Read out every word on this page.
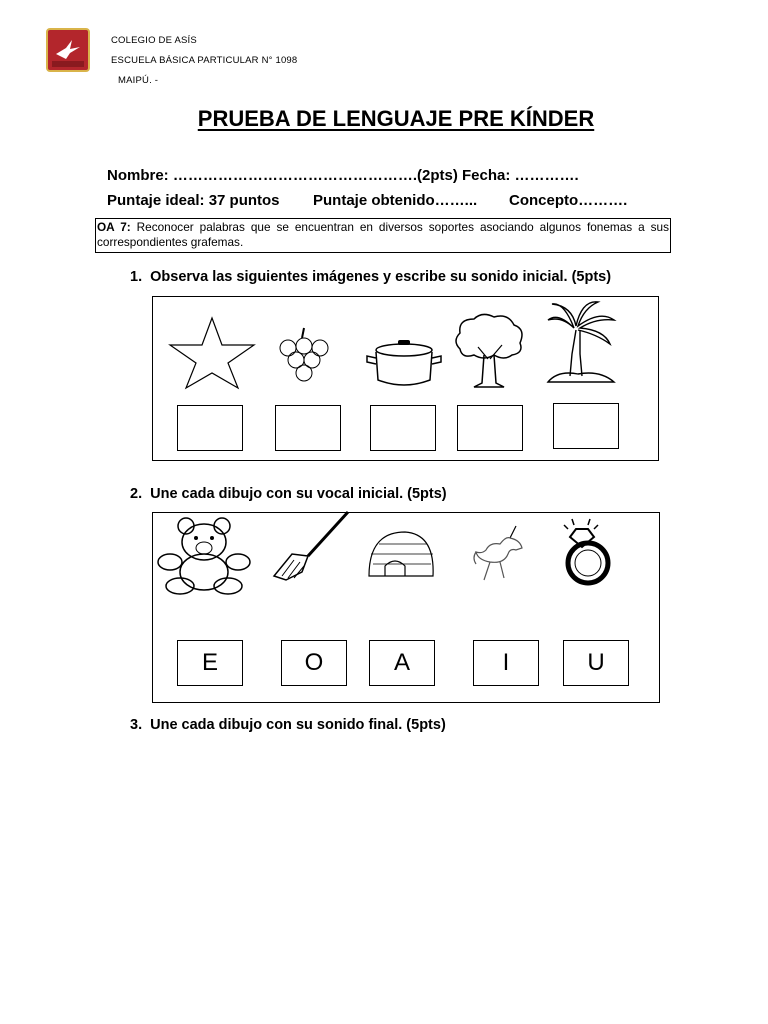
COLEGIO DE ASÍS
ESCUELA BÁSICA PARTICULAR N° 1098
MAIPÚ. -
PRUEBA DE LENGUAJE PRE KÍNDER
Nombre: ………………………………………….(2pts) Fecha: ………….
Puntaje ideal: 37 puntos Puntaje obtenido……... Concepto……….
OA 7: Reconocer palabras que se encuentran en diversos soportes asociando algunos fonemas a sus correspondientes grafemas.
1. Observa las siguientes imágenes y escribe su sonido inicial. (5pts)
2. Une cada dibujo con su vocal inicial. (5pts)
E	O	A	I	U
3. Une cada dibujo con su sonido final. (5pts)
